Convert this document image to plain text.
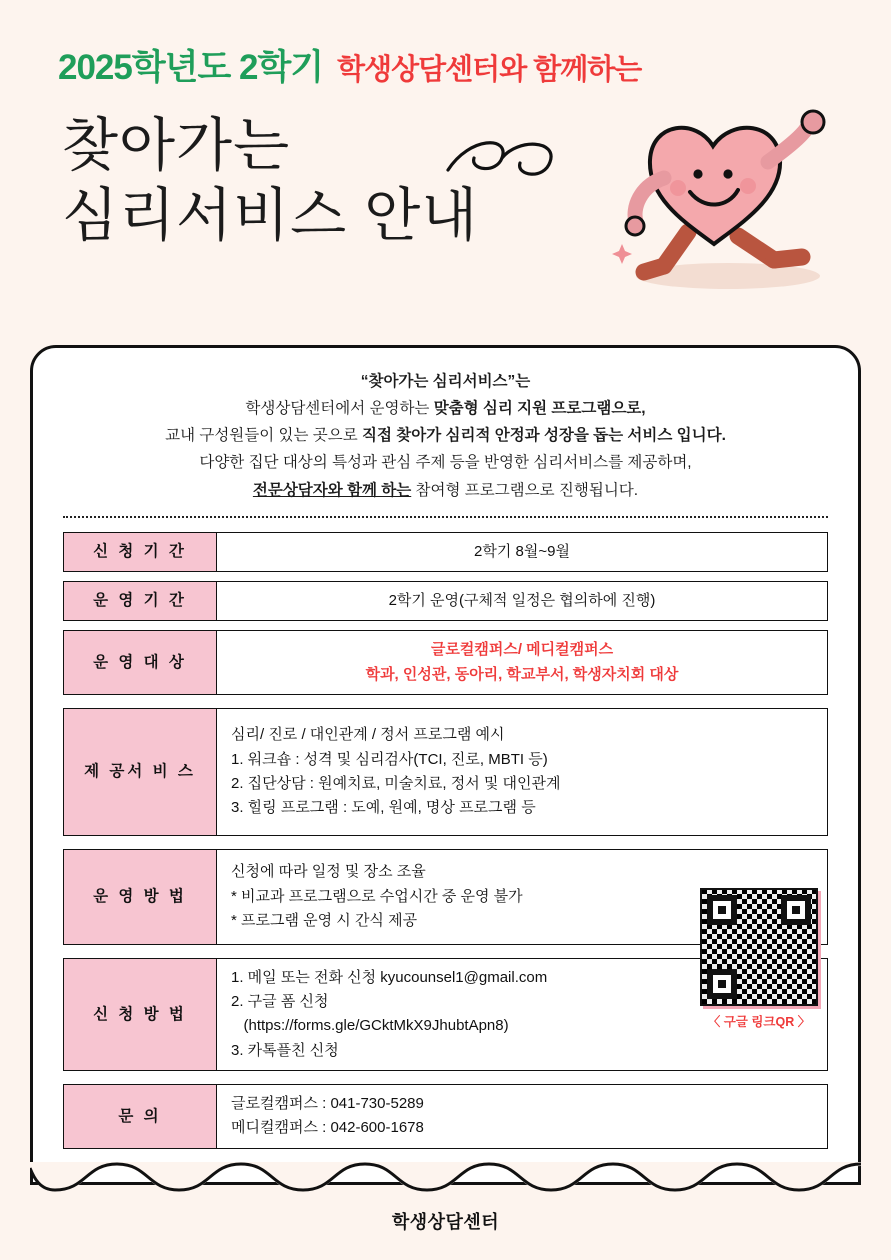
2025학년도 2학기 학생상담센터와 함께하는
찾아가는
심리서비스 안내
“찾아가는 심리서비스”는
학생상담센터에서 운영하는 맞춤형 심리 지원 프로그램으로,
교내 구성원들이 있는 곳으로 직접 찾아가 심리적 안정과 성장을 돕는 서비스 입니다.
다양한 집단 대상의 특성과 관심 주제 등을 반영한 심리서비스를 제공하며,
전문상담자와 함께 하는 참여형 프로그램으로 진행됩니다.
신 청 기 간	2학기 8월~9월
운 영 기 간	2학기 운영(구체적 일정은 협의하에 진행)
운 영 대 상
글로컬캠퍼스/ 메디컬캠퍼스
학과, 인성관, 동아리, 학교부서, 학생자치회 대상
제 공 서 비 스
심리/ 진로 / 대인관계 / 정서 프로그램 예시
1. 워크숍 : 성격 및 심리검사(TCI, 진로, MBTI 등)
2. 집단상담 : 원예치료, 미술치료, 정서 및 대인관계
3. 힐링 프로그램 : 도예, 원예, 명상 프로그램 등
운 영 방 법
신청에 따라 일정 및 장소 조율
* 비교과 프로그램으로 수업시간 중 운영 불가
* 프로그램 운영 시 간식 제공
신 청 방 법
1. 메일 또는 전화 신청 kyucounsel1@gmail.com
2. 구글 폼 신청
(https://forms.gle/GCktMkX9JhubtApn8)
3. 카톡플친 신청
문 의
글로컬캠퍼스 : 041-730-5289
메디컬캠퍼스 : 042-600-1678
〈 구글 링크QR 〉
학생상담센터
